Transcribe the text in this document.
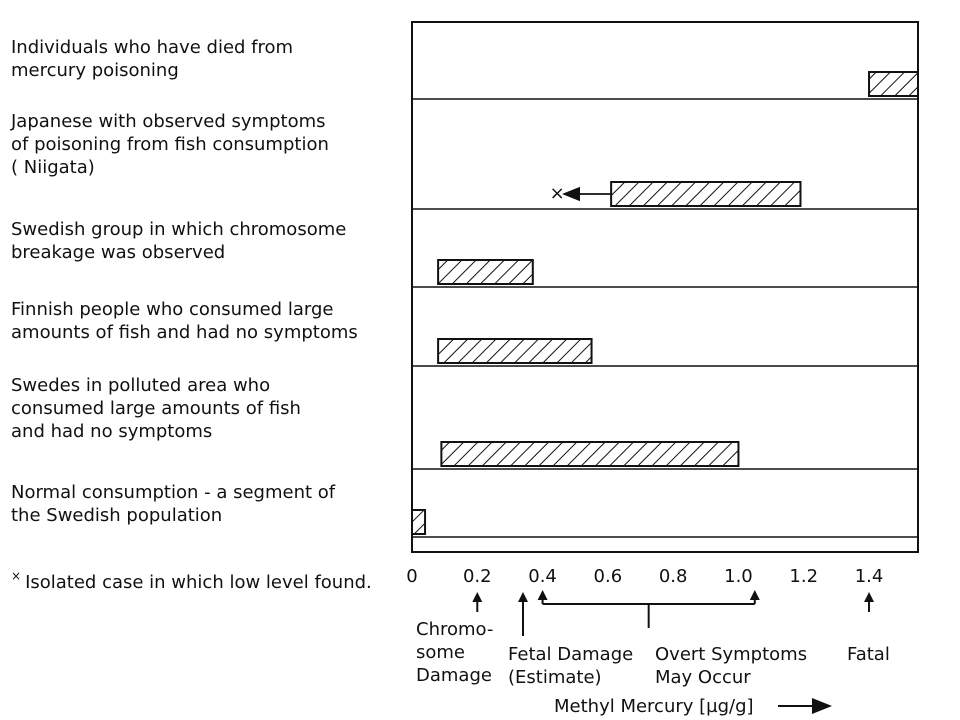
×
Individuals who have died from
mercury poisoning
Japanese with observed symptoms
of poisoning from fish consumption
( Niigata)
Swedish group in which chromosome
breakage was observed
Finnish people who consumed large
amounts of fish and had no symptoms
Swedes in polluted area who
consumed large amounts of fish
and had no symptoms
Normal consumption - a segment of
the Swedish population
0	0.2 0.4 0.6 0.8 1.0 1.2 1.4
Chromo-
some
Damage
Fetal Damage
(Estimate)
Overt Symptoms
May Occur
Fatal
× Isolated case in which low level found.
Methyl Mercury [µg/g]
